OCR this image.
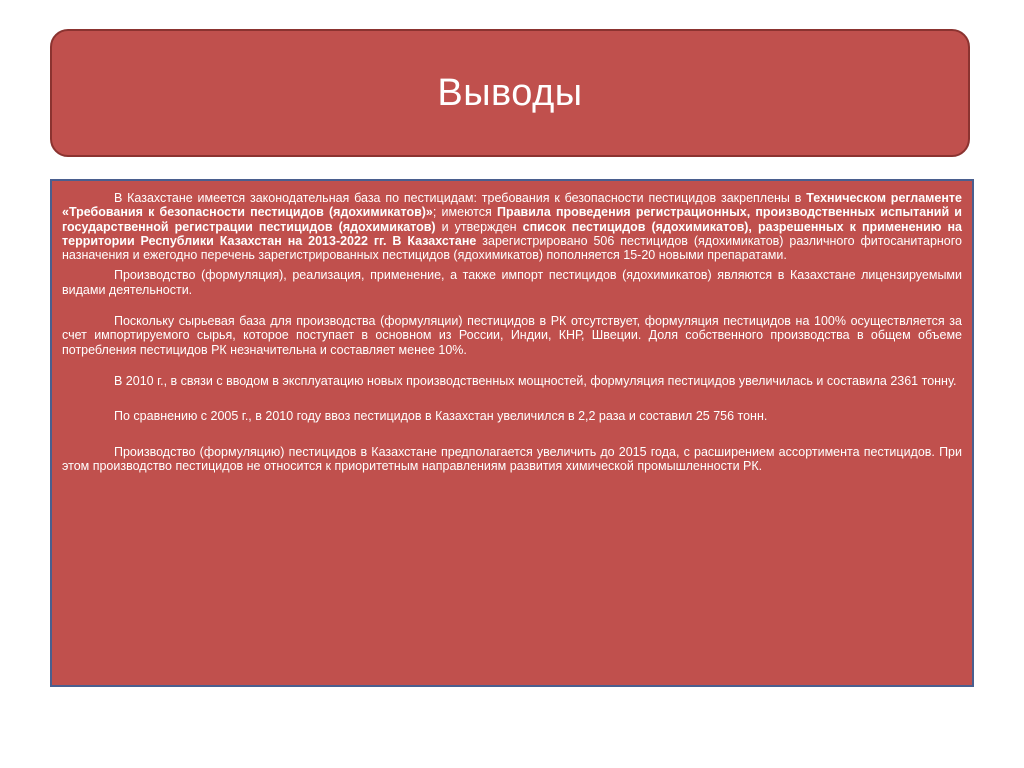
Выводы

В Казахстане имеется законодательная база по пестицидам: требования к безопасности пестицидов закреплены в Техническом регламенте «Требования к безопасности пестицидов (ядохимикатов)»; имеются Правила проведения регистрационных, производственных испытаний и государственной регистрации пестицидов (ядохимикатов) и утвержден список пестицидов (ядохимикатов), разрешенных к применению на территории Республики Казахстан на 2013-2022 гг. В Казахстане зарегистрировано 506 пестицидов (ядохимикатов) различного фитосанитарного назначения и ежегодно перечень зарегистрированных пестицидов (ядохимикатов) пополняется 15-20 новыми препаратами.

Производство (формуляция), реализация, применение, а также импорт пестицидов (ядохимикатов) являются в Казахстане лицензируемыми видами деятельности.

Поскольку сырьевая база для производства (формуляции) пестицидов в РК отсутствует, формуляция пестицидов на 100% осуществляется за счет импортируемого сырья, которое поступает в основном из России, Индии, КНР, Швеции. Доля собственного производства в общем объеме потребления пестицидов РК незначительна и составляет менее 10%.

В 2010 г., в связи с вводом в эксплуатацию новых производственных мощностей, формуляция пестицидов увеличилась и составила 2361 тонну.

По сравнению с 2005 г., в 2010 году ввоз пестицидов в Казахстан увеличился в 2,2 раза и составил 25 756 тонн.

Производство (формуляцию) пестицидов в Казахстане предполагается увеличить до 2015 года, с расширением ассортимента пестицидов. При этом производство пестицидов не относится к приоритетным направлениям развития химической промышленности РК.
